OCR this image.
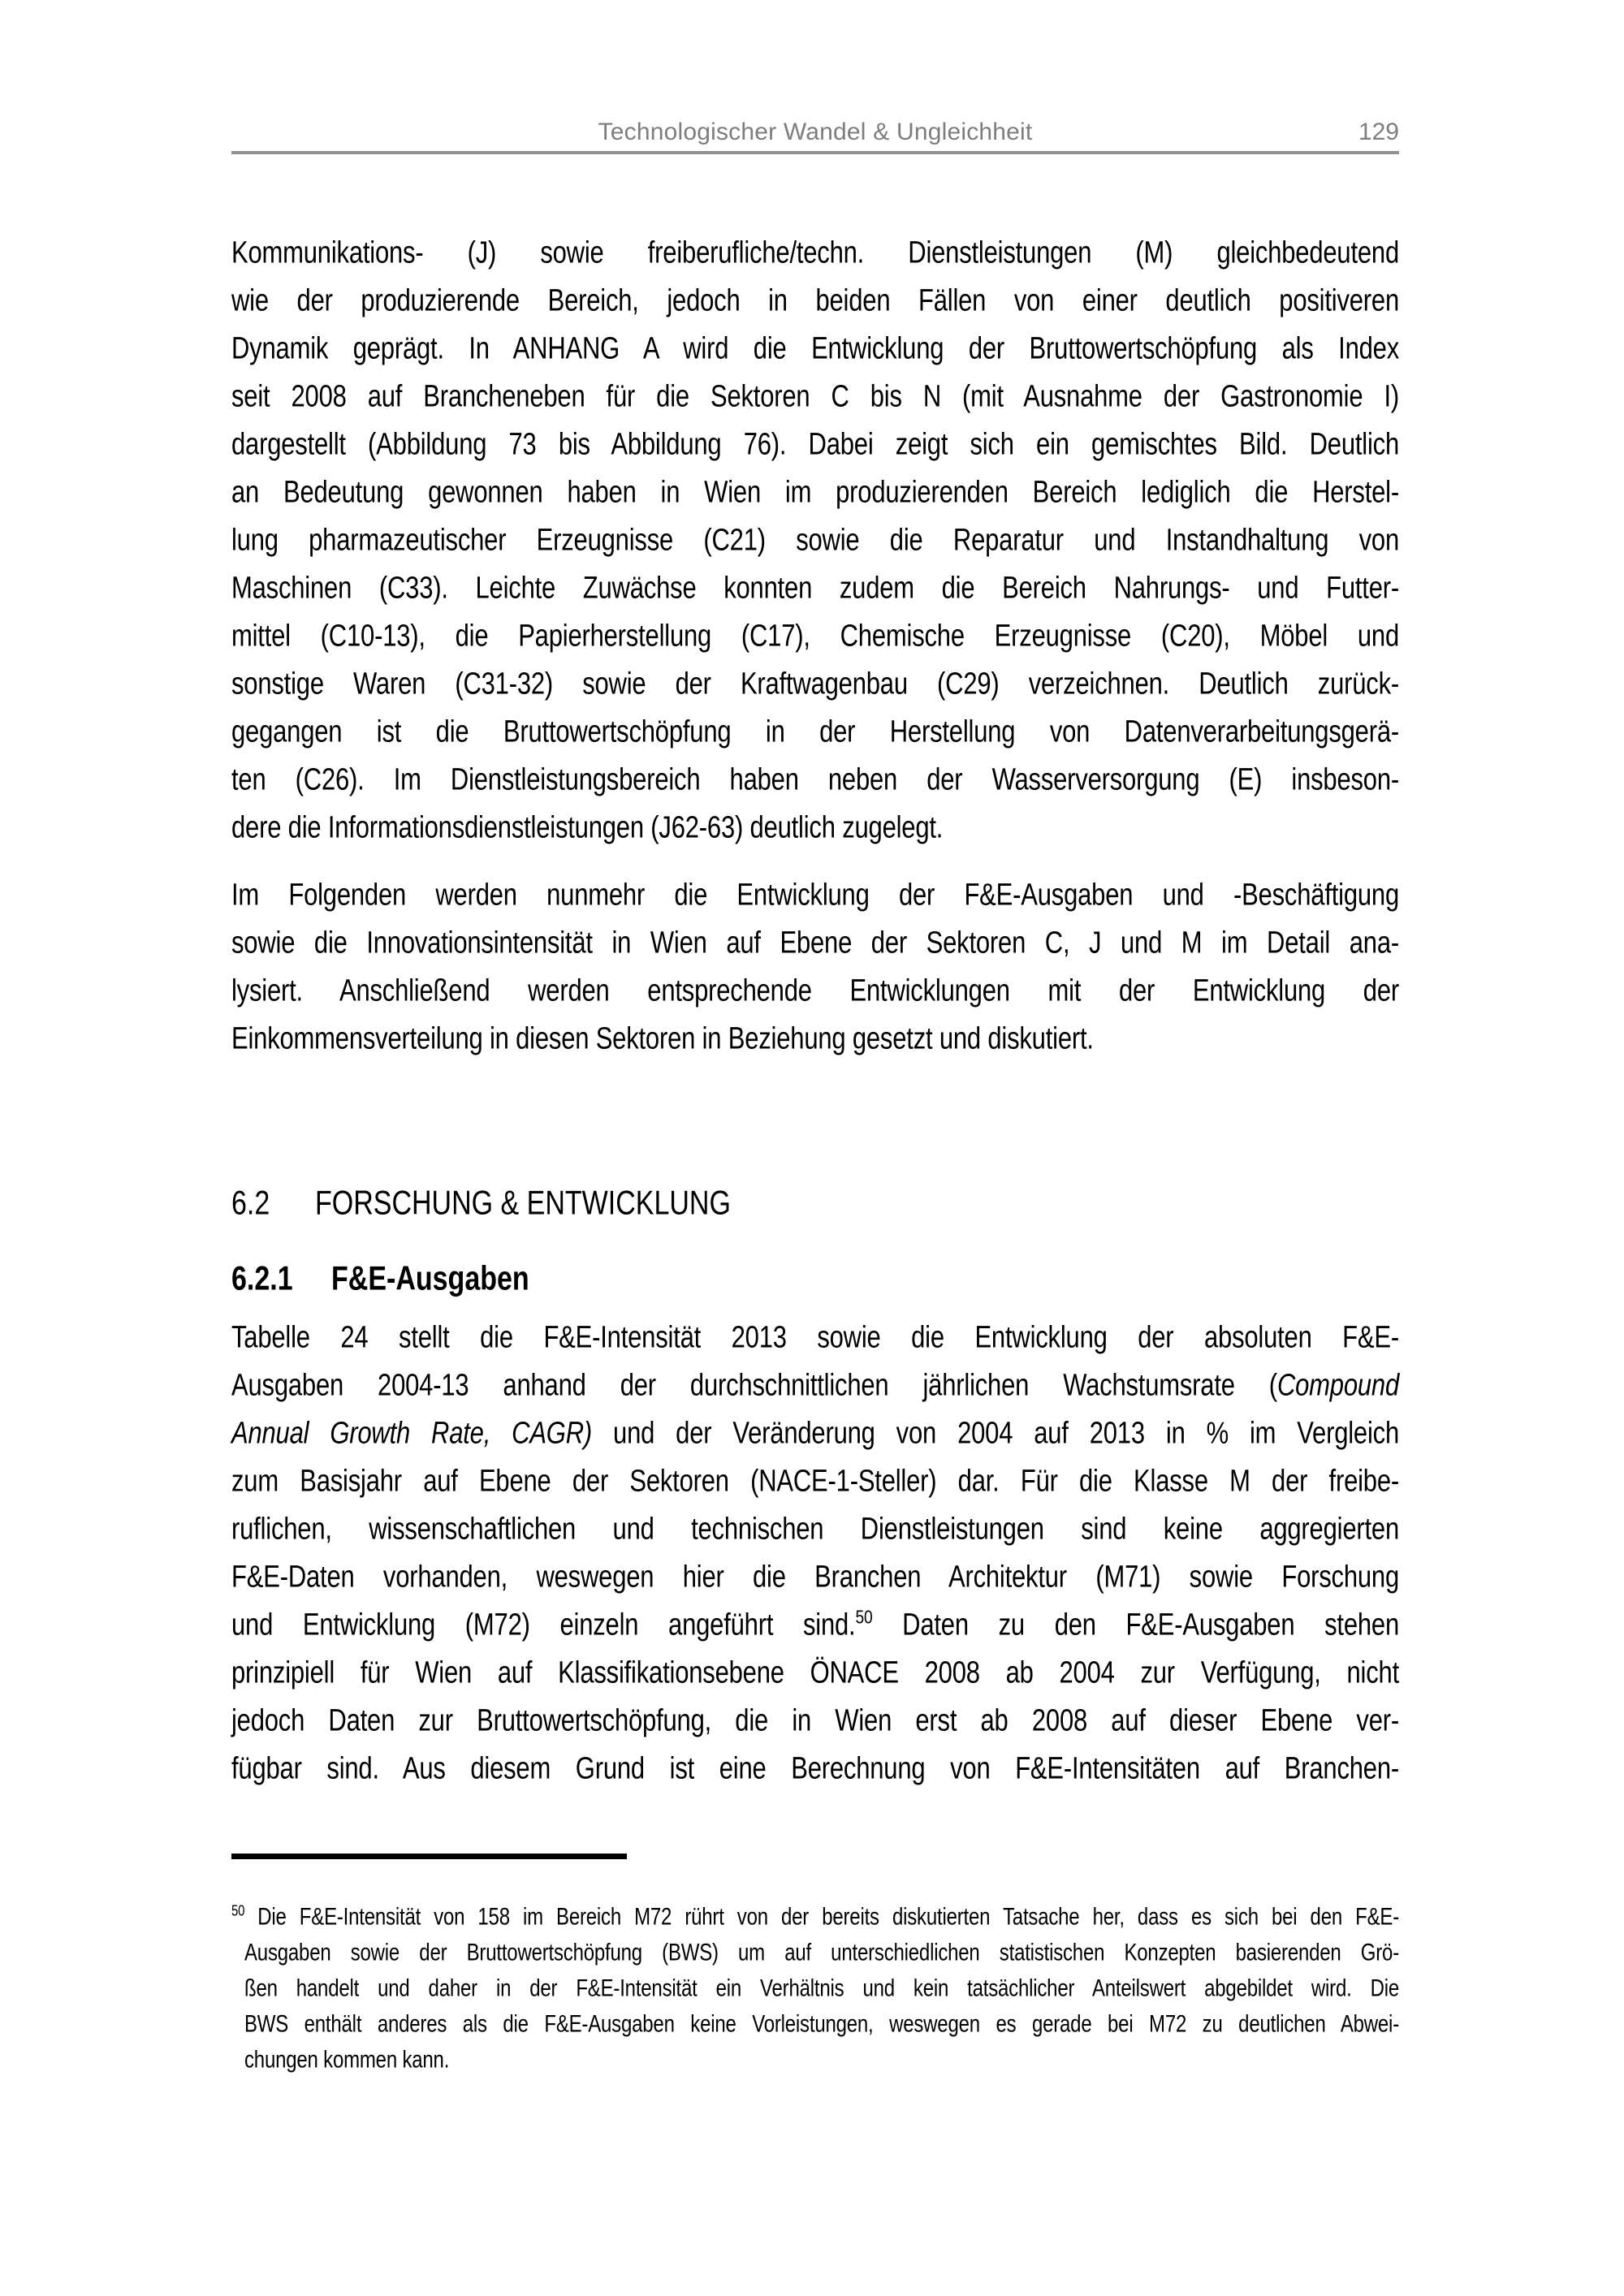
Technologischer Wandel & Ungleichheit	129
Kommunikations- (J) sowie freiberufliche/techn. Dienstleistungen (M) gleichbedeutend
wie der produzierende Bereich, jedoch in beiden Fällen von einer deutlich positiveren
Dynamik geprägt. In ANHANG A wird die Entwicklung der Bruttowertschöpfung als Index
seit 2008 auf Brancheneben für die Sektoren C bis N (mit Ausnahme der Gastronomie I)
dargestellt (Abbildung 73 bis Abbildung 76). Dabei zeigt sich ein gemischtes Bild. Deutlich
an Bedeutung gewonnen haben in Wien im produzierenden Bereich lediglich die Herstel-
lung pharmazeutischer Erzeugnisse (C21) sowie die Reparatur und Instandhaltung von
Maschinen (C33). Leichte Zuwächse konnten zudem die Bereich Nahrungs- und Futter-
mittel (C10-13), die Papierherstellung (C17), Chemische Erzeugnisse (C20), Möbel und
sonstige Waren (C31-32) sowie der Kraftwagenbau (C29) verzeichnen. Deutlich zurück-
gegangen ist die Bruttowertschöpfung in der Herstellung von Datenverarbeitungsgerä-
ten (C26). Im Dienstleistungsbereich haben neben der Wasserversorgung (E) insbeson-
dere die Informationsdienstleistungen (J62-63) deutlich zugelegt.
Im Folgenden werden nunmehr die Entwicklung der F&E-Ausgaben und -Beschäftigung
sowie die Innovationsintensität in Wien auf Ebene der Sektoren C, J und M im Detail ana-
lysiert. Anschließend werden entsprechende Entwicklungen mit der Entwicklung der
Einkommensverteilung in diesen Sektoren in Beziehung gesetzt und diskutiert.
6.2	FORSCHUNG & ENTWICKLUNG
6.2.1	F&E-Ausgaben
Tabelle 24 stellt die F&E-Intensität 2013 sowie die Entwicklung der absoluten F&E-
Ausgaben 2004-13 anhand der durchschnittlichen jährlichen Wachstumsrate (Compound
Annual Growth Rate, CAGR) und der Veränderung von 2004 auf 2013 in % im Vergleich
zum Basisjahr auf Ebene der Sektoren (NACE-1-Steller) dar. Für die Klasse M der freibe-
ruflichen, wissenschaftlichen und technischen Dienstleistungen sind keine aggregierten
F&E-Daten vorhanden, weswegen hier die Branchen Architektur (M71) sowie Forschung
und Entwicklung (M72) einzeln angeführt sind.$^{50}$ Daten zu den F&E-Ausgaben stehen
prinzipiell für Wien auf Klassifikationsebene ÖNACE 2008 ab 2004 zur Verfügung, nicht
jedoch Daten zur Bruttowertschöpfung, die in Wien erst ab 2008 auf dieser Ebene ver-
fügbar sind. Aus diesem Grund ist eine Berechnung von F&E-Intensitäten auf Branchen-
$^{50}$ Die F&E-Intensität von 158 im Bereich M72 rührt von der bereits diskutierten Tatsache her, dass es sich bei den F&E-
Ausgaben sowie der Bruttowertschöpfung (BWS) um auf unterschiedlichen statistischen Konzepten basierenden Grö-
ßen handelt und daher in der F&E-Intensität ein Verhältnis und kein tatsächlicher Anteilswert abgebildet wird. Die
BWS enthält anderes als die F&E-Ausgaben keine Vorleistungen, weswegen es gerade bei M72 zu deutlichen Abwei-
chungen kommen kann.
